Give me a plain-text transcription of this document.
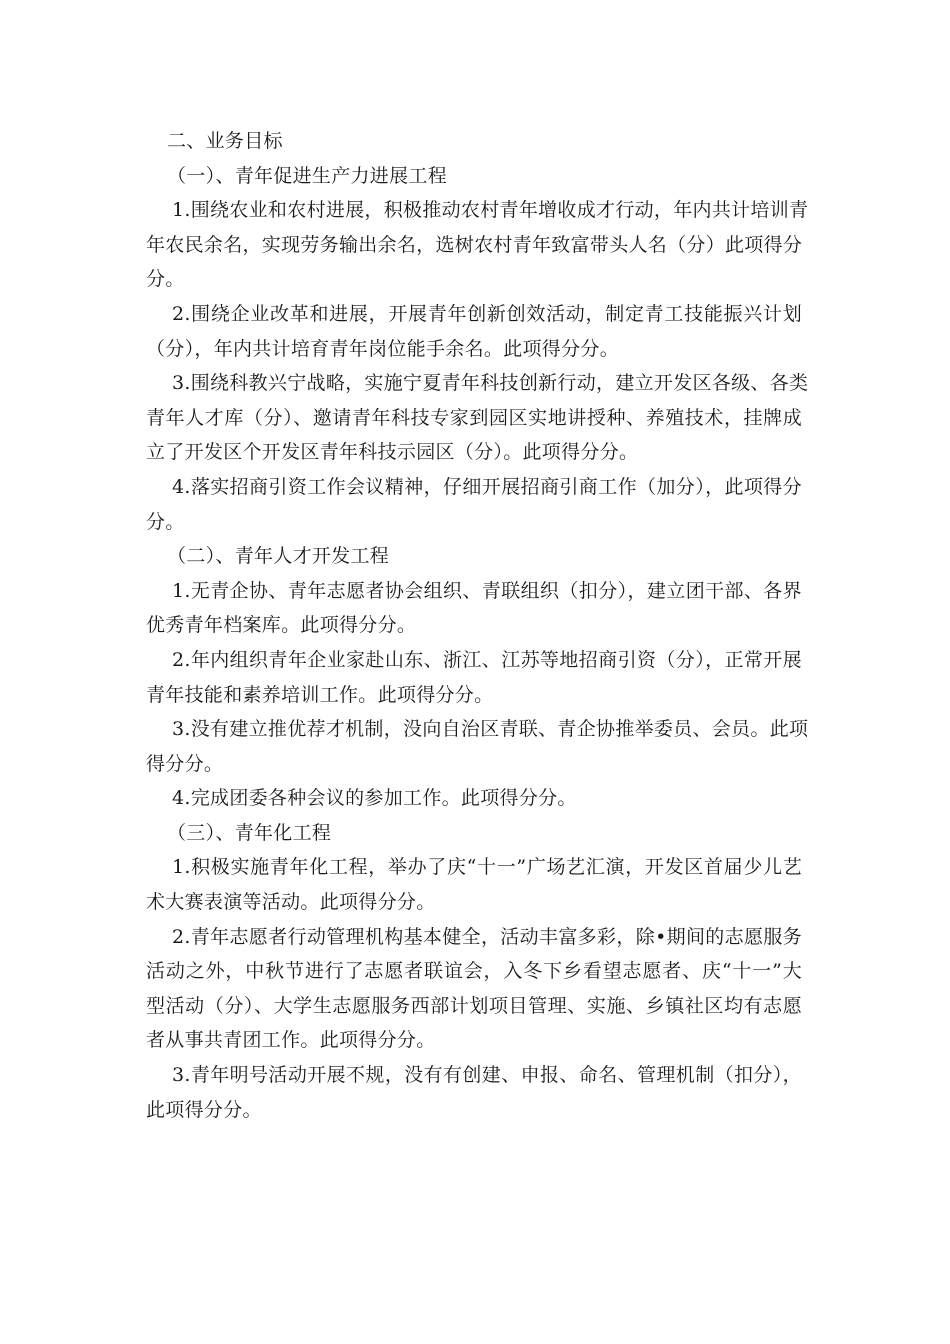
二、业务目标
（一）、青年促进生产力进展工程
1.围绕农业和农村进展，积极推动农村青年增收成才行动，年内共计培训青
年农民余名，实现劳务输出余名，选树农村青年致富带头人名（分）此项得分
分。
2.围绕企业改革和进展，开展青年创新创效活动，制定青工技能振兴计划
（分），年内共计培育青年岗位能手余名。此项得分分。
3.围绕科教兴宁战略，实施宁夏青年科技创新行动，建立开发区各级、各类
青年人才库（分）、邀请青年科技专家到园区实地讲授种、养殖技术，挂牌成
立了开发区个开发区青年科技示园区（分）。此项得分分。
4.落实招商引资工作会议精神，仔细开展招商引商工作（加分），此项得分
分。
（二）、青年人才开发工程
1.无青企协、青年志愿者协会组织、青联组织（扣分），建立团干部、各界
优秀青年档案库。此项得分分。
2.年内组织青年企业家赴山东、浙江、江苏等地招商引资（分），正常开展
青年技能和素养培训工作。此项得分分。
3.没有建立推优荐才机制，没向自治区青联、青企协推举委员、会员。此项
得分分。
4.完成团委各种会议的参加工作。此项得分分。
（三）、青年化工程
1.积极实施青年化工程，举办了庆“十一”广场艺汇演，开发区首届少儿艺
术大赛表演等活动。此项得分分。
2.青年志愿者行动管理机构基本健全，活动丰富多彩，除•期间的志愿服务
活动之外，中秋节进行了志愿者联谊会，入冬下乡看望志愿者、庆“十一”大
型活动（分）、大学生志愿服务西部计划项目管理、实施、乡镇社区均有志愿
者从事共青团工作。此项得分分。
3.青年明号活动开展不规，没有有创建、申报、命名、管理机制（扣分），
此项得分分。
